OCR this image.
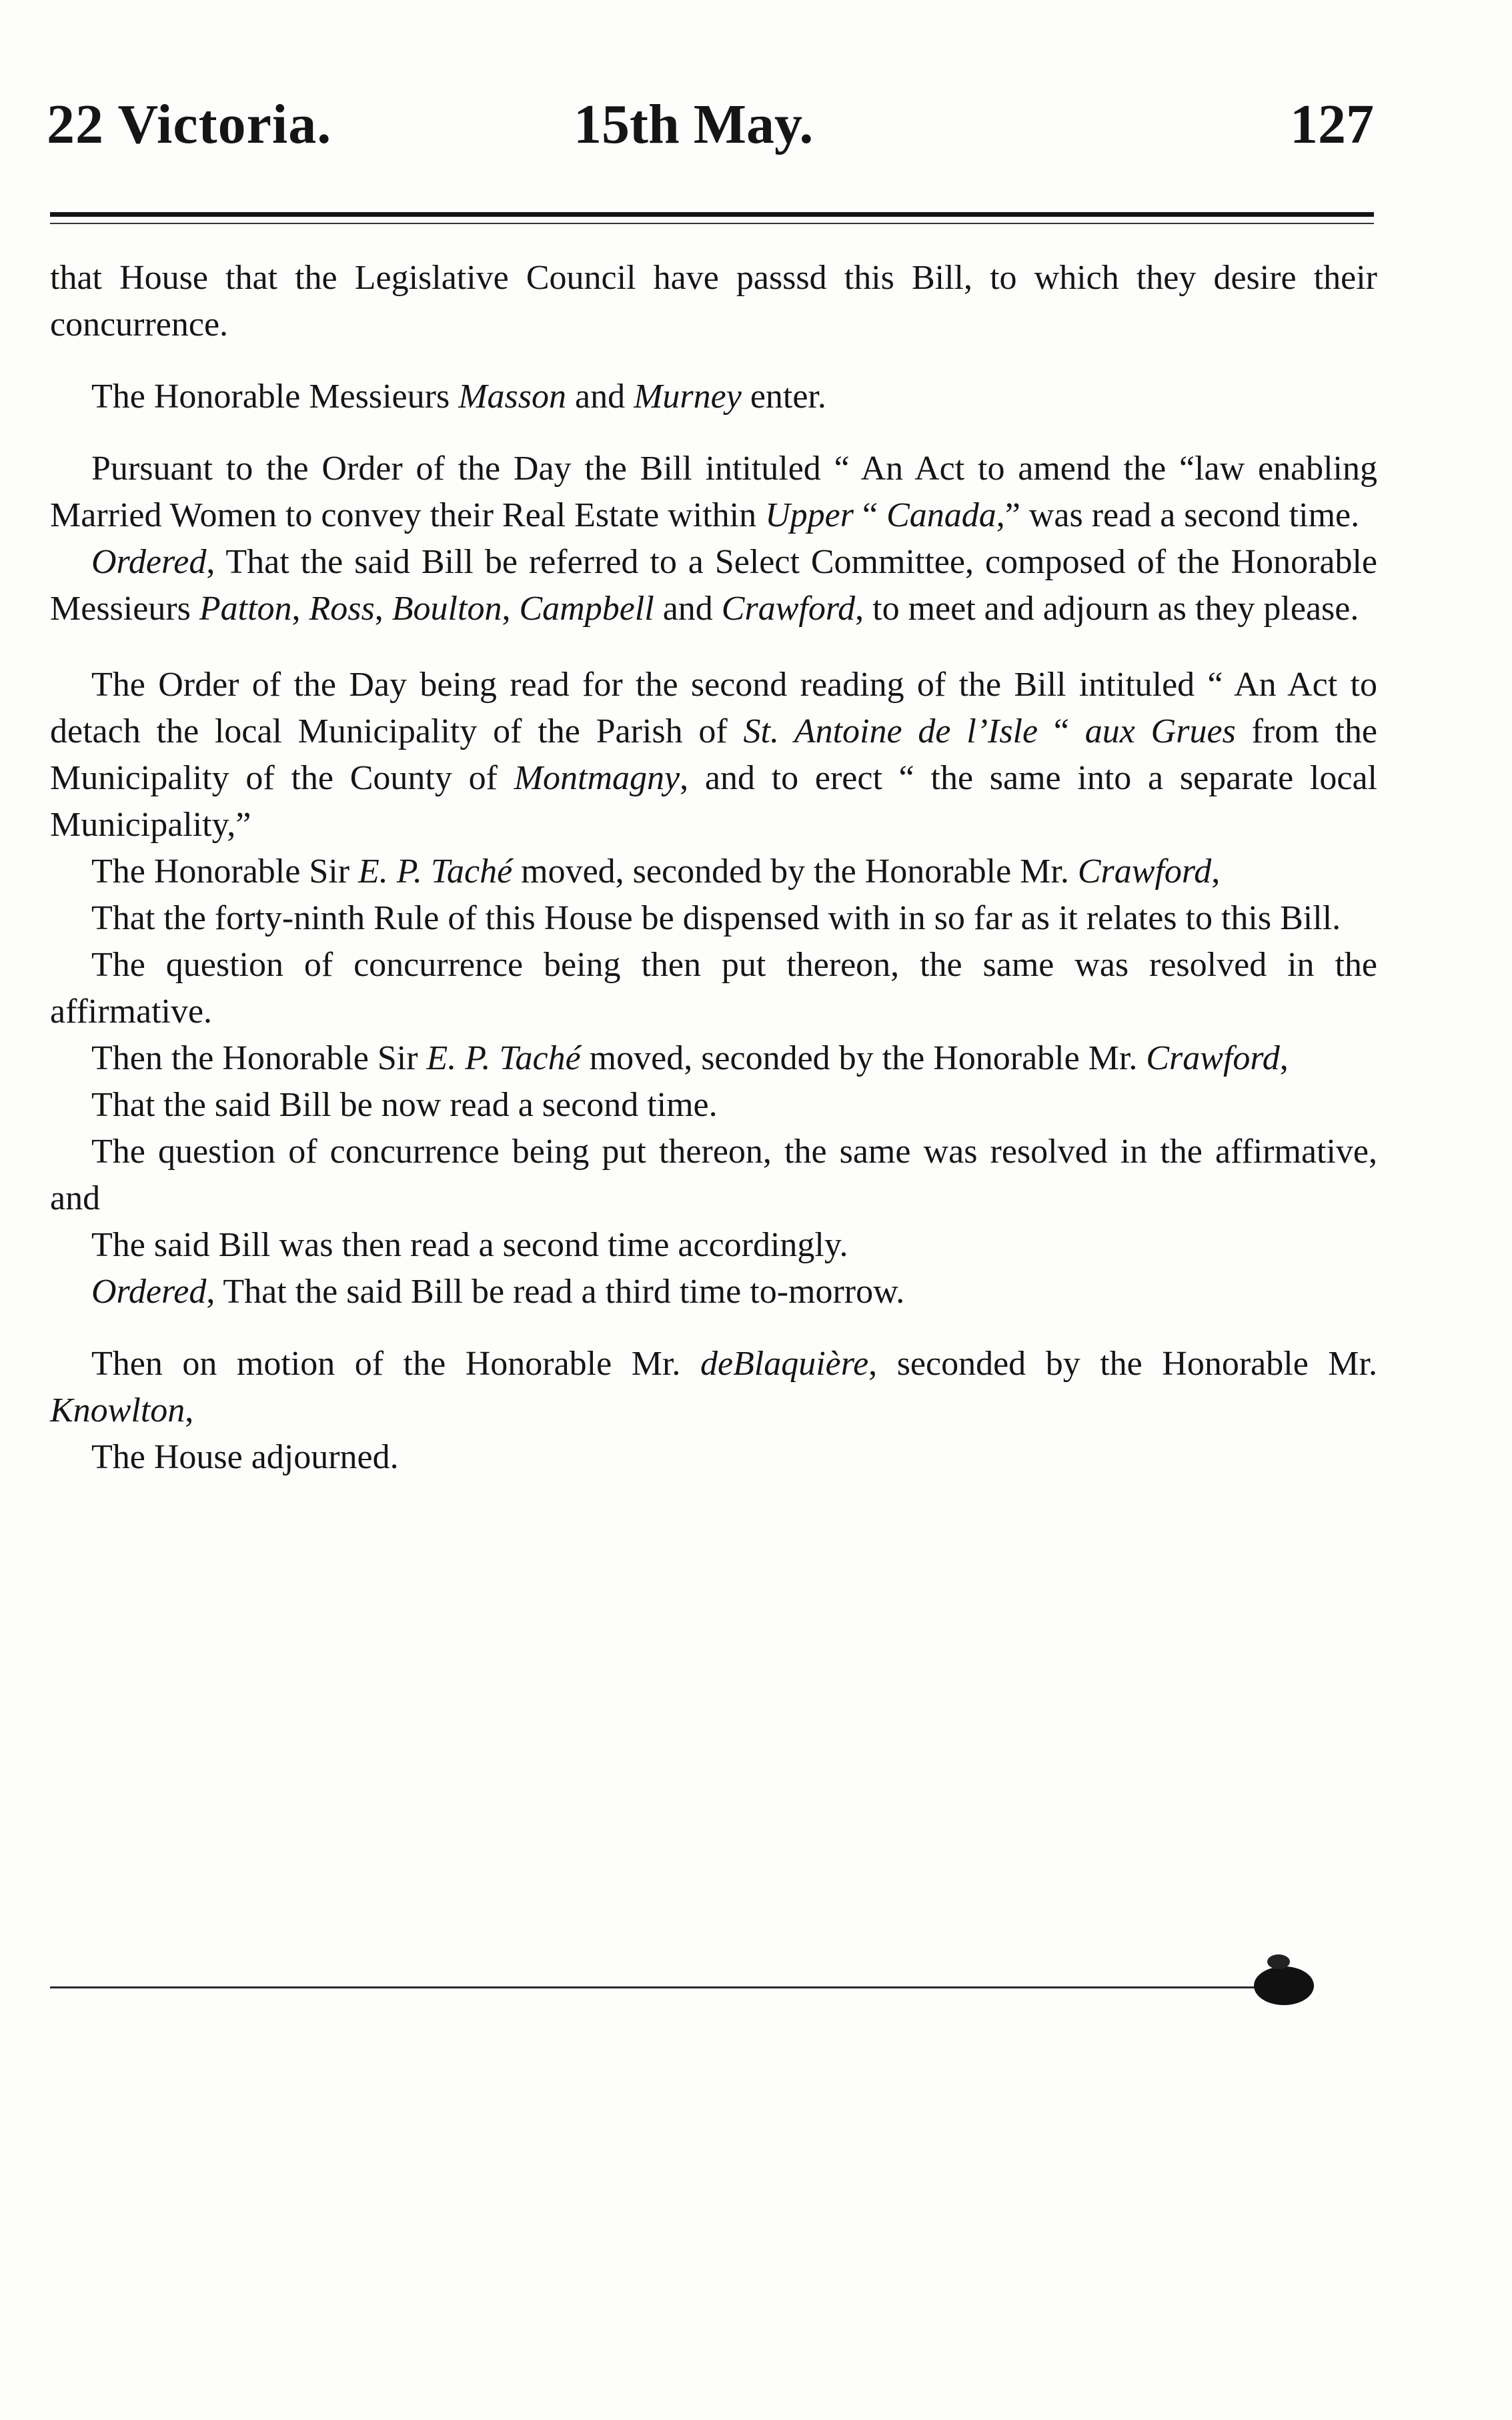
22 Victoria.	15th May.	127

that House that the Legislative Council have passsd this Bill, to which they desire their concurrence.

The Honorable Messieurs Masson and Murney enter.

Pursuant to the Order of the Day the Bill intituled “ An Act to amend the “law enabling Married Women to convey their Real Estate within Upper “ Canada,” was read a second time.

Ordered, That the said Bill be referred to a Select Committee, composed of the Honorable Messieurs Patton, Ross, Boulton, Campbell and Crawford, to meet and adjourn as they please.

The Order of the Day being read for the second reading of the Bill intituled “ An Act to detach the local Municipality of the Parish of St. Antoine de l’Isle “ aux Grues from the Municipality of the County of Montmagny, and to erect “ the same into a separate local Municipality,”

The Honorable Sir E. P. Taché moved, seconded by the Honorable Mr. Crawford,

That the forty-ninth Rule of this House be dispensed with in so far as it relates to this Bill.

The question of concurrence being then put thereon, the same was resolved in the affirmative.

Then the Honorable Sir E. P. Taché moved, seconded by the Honorable Mr. Crawford,

That the said Bill be now read a second time.

The question of concurrence being put thereon, the same was resolved in the affirmative, and

The said Bill was then read a second time accordingly.

Ordered, That the said Bill be read a third time to-morrow.

Then on motion of the Honorable Mr. deBlaquière, seconded by the Honorable Mr. Knowlton,

The House adjourned.
